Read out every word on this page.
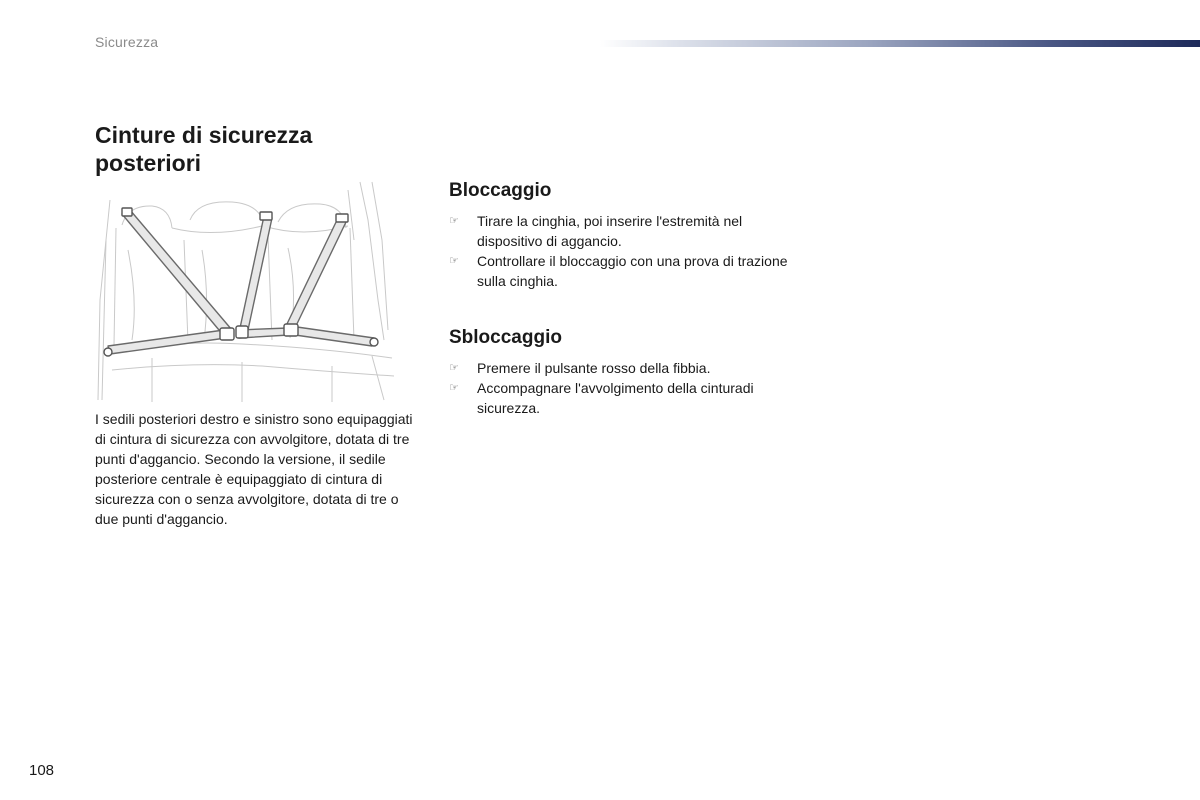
Sicurezza
Cinture di sicurezza posteriori

I sedili posteriori destro e sinistro sono equipaggiati di cintura di sicurezza con avvolgitore, dotata di tre punti d'aggancio. Secondo la versione, il sedile posteriore centrale è equipaggiato di cintura di sicurezza con o senza avvolgitore, dotata di tre o due punti d'aggancio.

Bloccaggio
☞ Tirare la cinghia, poi inserire l'estremità nel dispositivo di aggancio.
☞ Controllare il bloccaggio con una prova di trazione sulla cinghia.
Sbloccaggio
☞ Premere il pulsante rosso della fibbia.
☞ Accompagnare l'avvolgimento della cinturadi sicurezza.
108
